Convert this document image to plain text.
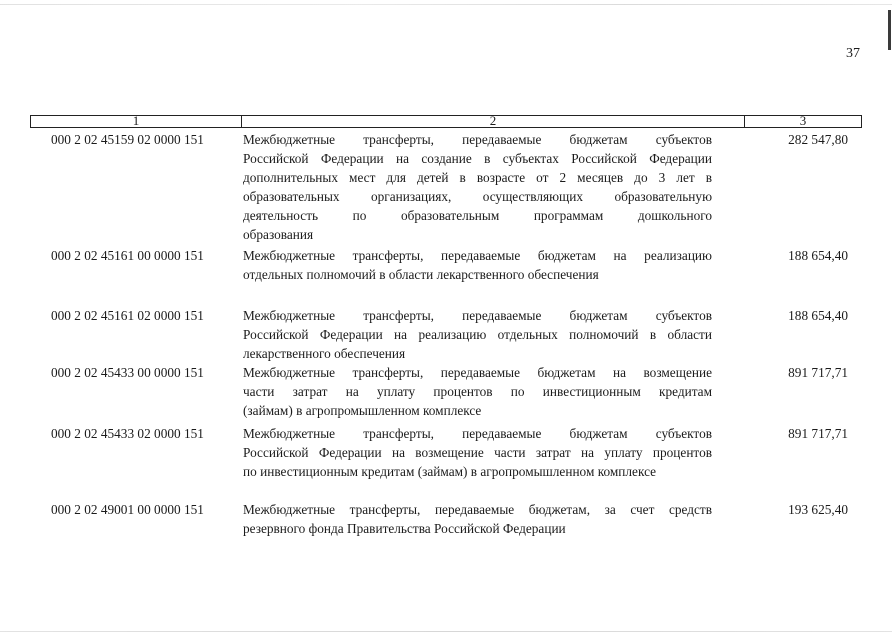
37
1	2	3
000 2 02 45159 02 0000 151	Межбюджетные трансферты, передаваемые бюджетам субъектов
Российской Федерации на создание в субъектах Российской Федерации
дополнительных мест для детей в возрасте от 2 месяцев до 3 лет в
образовательных организациях, осуществляющих образовательную
деятельность по образовательным программам дошкольного
образования
282 547,80
000 2 02 45161 00 0000 151	Межбюджетные трансферты, передаваемые бюджетам на реализацию
отдельных полномочий в области лекарственного обеспечения
188 654,40
000 2 02 45161 02 0000 151	Межбюджетные трансферты, передаваемые бюджетам субъектов
Российской Федерации на реализацию отдельных полномочий в области
лекарственного обеспечения
188 654,40
000 2 02 45433 00 0000 151	Межбюджетные трансферты, передаваемые бюджетам на возмещение
части затрат на уплату процентов по инвестиционным кредитам
(займам) в агропромышленном комплексе
891 717,71
000 2 02 45433 02 0000 151	Межбюджетные трансферты, передаваемые бюджетам субъектов
Российской Федерации на возмещение части затрат на уплату процентов
по инвестиционным кредитам (займам) в агропромышленном комплексе
891 717,71
000 2 02 49001 00 0000 151	Межбюджетные трансферты, передаваемые бюджетам, за счет средств
резервного фонда Правительства Российской Федерации
193 625,40
